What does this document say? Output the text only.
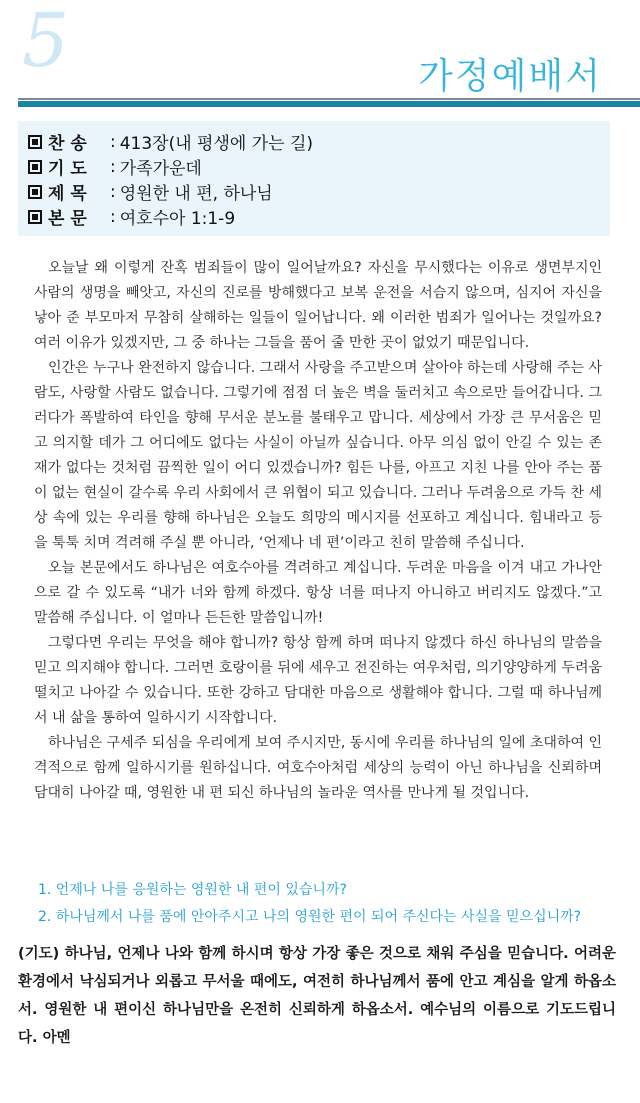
5	가정예배서
찬 송	: 413장(내 평생에 가는 길)
기 도	: 가족가운데
제 목	: 영원한 내 편, 하나님
본 문	: 여호수아 1:1-9

오늘날 왜 이렇게 잔혹 범죄들이 많이 일어날까요? 자신을 무시했다는 이유로 생면부지인 사람의 생명을 빼앗고, 자신의 진로를 방해했다고 보복 운전을 서슴지 않으며, 심지어 자신을 낳아 준 부모마저 무참히 살해하는 일들이 일어납니다. 왜 이러한 범죄가 일어나는 것일까요? 여러 이유가 있겠지만, 그 중 하나는 그들을 품어 줄 만한 곳이 없었기 때문입니다.

인간은 누구나 완전하지 않습니다. 그래서 사랑을 주고받으며 살아야 하는데 사랑해 주는 사람도, 사랑할 사람도 없습니다. 그렇기에 점점 더 높은 벽을 둘러치고 속으로만 들어갑니다. 그러다가 폭발하여 타인을 향해 무서운 분노를 불태우고 맙니다. 세상에서 가장 큰 무서움은 믿고 의지할 데가 그 어디에도 없다는 사실이 아닐까 싶습니다. 아무 의심 없이 안길 수 있는 존재가 없다는 것처럼 끔찍한 일이 어디 있겠습니까? 힘든 나를, 아프고 지친 나를 안아 주는 품이 없는 현실이 갈수록 우리 사회에서 큰 위협이 되고 있습니다. 그러나 두려움으로 가득 찬 세상 속에 있는 우리를 향해 하나님은 오늘도 희망의 메시지를 선포하고 계십니다. 힘내라고 등을 툭툭 치며 격려해 주실 뿐 아니라, ‘언제나 네 편’이라고 친히 말씀해 주십니다.

오늘 본문에서도 하나님은 여호수아를 격려하고 계십니다. 두려운 마음을 이겨 내고 가나안으로 갈 수 있도록 “내가 너와 함께 하겠다. 항상 너를 떠나지 아니하고 버리지도 않겠다.”고 말씀해 주십니다. 이 얼마나 든든한 말씀입니까!

그렇다면 우리는 무엇을 해야 합니까? 항상 함께 하며 떠나지 않겠다 하신 하나님의 말씀을 믿고 의지해야 합니다. 그러면 호랑이를 뒤에 세우고 전진하는 여우처럼, 의기양양하게 두려움 떨치고 나아갈 수 있습니다. 또한 강하고 담대한 마음으로 생활해야 합니다. 그럴 때 하나님께서 내 삶을 통하여 일하시기 시작합니다.

하나님은 구세주 되심을 우리에게 보여 주시지만, 동시에 우리를 하나님의 일에 초대하여 인격적으로 함께 일하시기를 원하십니다. 여호수아처럼 세상의 능력이 아닌 하나님을 신뢰하며 담대히 나아갈 때, 영원한 내 편 되신 하나님의 놀라운 역사를 만나게 될 것입니다.

1. 언제나 나를 응원하는 영원한 내 편이 있습니까?
2. 하나님께서 나를 품에 안아주시고 나의 영원한 편이 되어 주신다는 사실을 믿으십니까?
(기도) 하나님, 언제나 나와 함께 하시며 항상 가장 좋은 것으로 채워 주심을 믿습니다. 어려운 환경에서 낙심되거나 외롭고 무서울 때에도, 여전히 하나님께서 품에 안고 계심을 알게 하옵소서. 영원한 내 편이신 하나님만을 온전히 신뢰하게 하옵소서. 예수님의 이름으로 기도드립니다. 아멘
